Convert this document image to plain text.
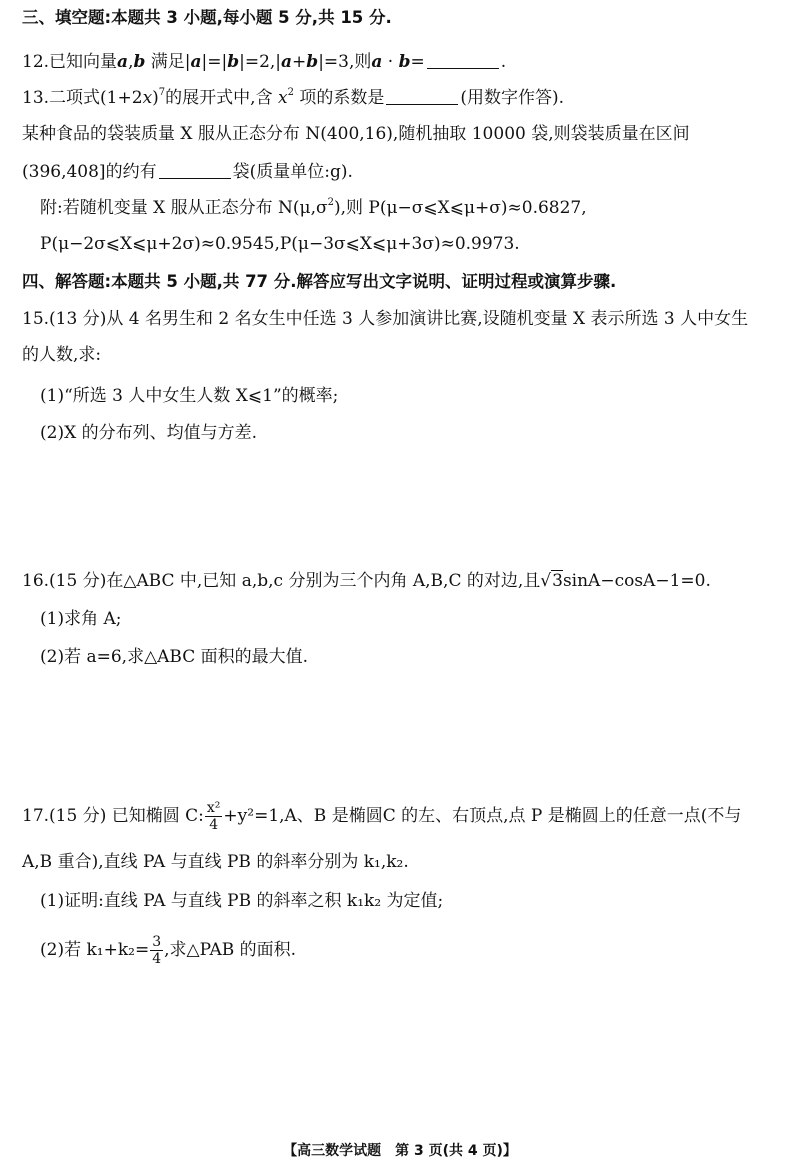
三、填空题:本题共 3 小题,每小题 5 分,共 15 分.
12.已知向量a,b 满足|a|=|b|=2,|a+b|=3,则a · b=	.
13.二项式$(1+2x)^7$的展开式中,含 $x^2$ 项的系数是	(用数字作答).
某种食品的袋装质量 X 服从正态分布 N(400,16),随机抽取 10000 袋,则袋装质量在区间
(396,408]的约有	袋(质量单位:g).
附:若随机变量 X 服从正态分布 $N(\mu,\sigma^2)$,则 P(μ−σ⩽X⩽μ+σ)≈0.6827,
P(μ−2σ⩽X⩽μ+2σ)≈0.9545,P(μ−3σ⩽X⩽μ+3σ)≈0.9973.
四、解答题:本题共 5 小题,共 77 分.解答应写出文字说明、证明过程或演算步骤.
15.(13 分)从 4 名男生和 2 名女生中任选 3 人参加演讲比赛,设随机变量 X 表示所选 3 人中女生
的人数,求:
(1)“所选 3 人中女生人数 X⩽1”的概率;
(2)X 的分布列、均值与方差.
16.(15 分)在△ABC 中,已知 a,b,c 分别为三个内角 A,B,C 的对边,且√3sinA−cosA−1=0.
(1)求角 A;
(2)若 a=6,求△ABC 面积的最大值.
17.(15 分) 已知椭圆 C: $\frac{\text{x²}}{4} +y^2=1,A$、B 是椭圆C 的左、右顶点,点 P 是椭圆上的任意一点(不与
A,B 重合),直线 PA 与直线 PB 的斜率分别为 k₁,k₂.
(1)证明:直线 PA 与直线 PB 的斜率之积 k₁k₂ 为定值;
(2)若 $k_1+k_2= \frac{3}{4}$ ,求△PAB 的面积.
【高三数学试题　第 3 页(共 4 页)】
